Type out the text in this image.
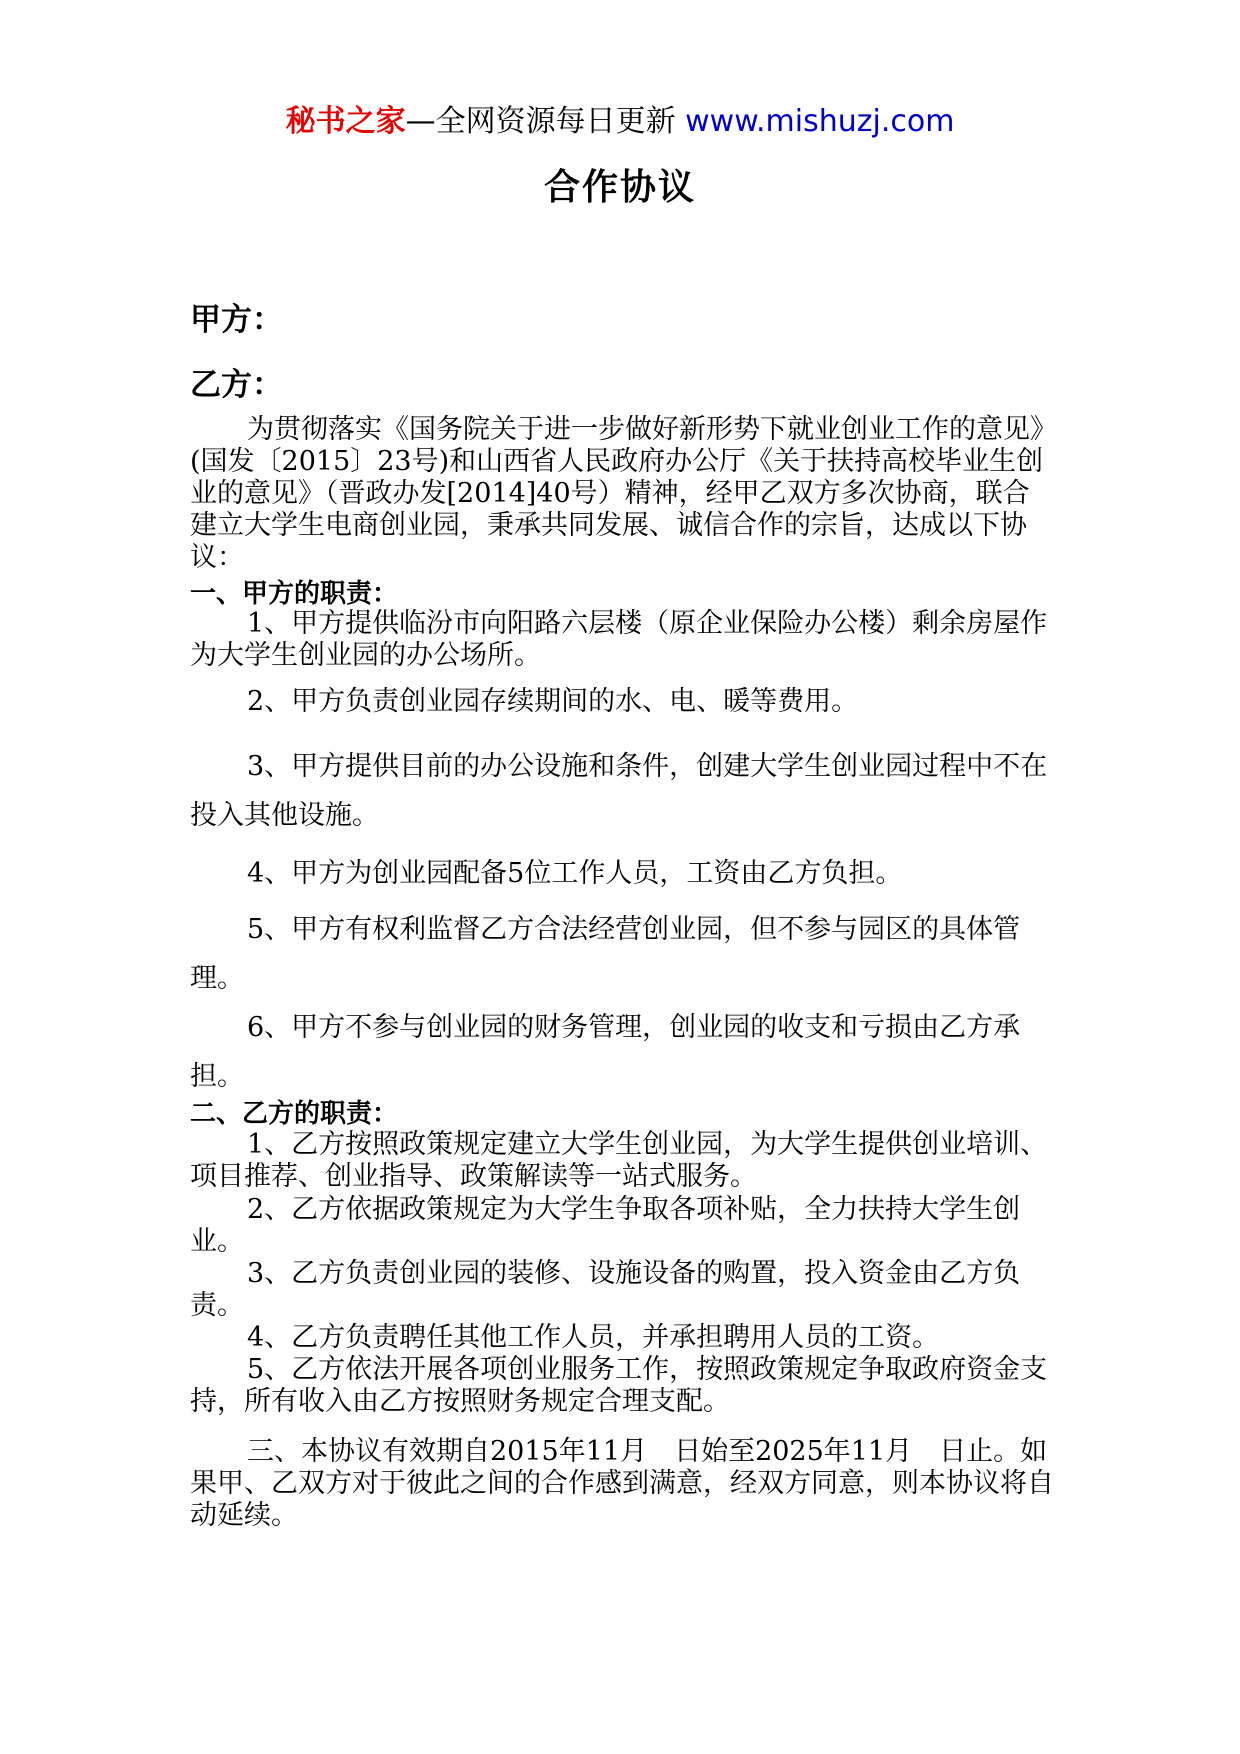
秘书之家—全网资源每日更新 www.mishuzj.com
合作协议
甲方：
乙方：

为贯彻落实《国务院关于进一步做好新形势下就业创业工作的意见》(国发〔2015〕23号)和山西省人民政府办公厅《关于扶持高校毕业生创业的意见》（晋政办发[2014]40号）精神，经甲乙双方多次协商，联合建立大学生电商创业园，秉承共同发展、诚信合作的宗旨，达成以下协议：

一、甲方的职责：

1、甲方提供临汾市向阳路六层楼（原企业保险办公楼）剩余房屋作为大学生创业园的办公场所。

2、甲方负责创业园存续期间的水、电、暖等费用。

3、甲方提供目前的办公设施和条件，创建大学生创业园过程中不在投入其他设施。

4、甲方为创业园配备5位工作人员，工资由乙方负担。

5、甲方有权利监督乙方合法经营创业园，但不参与园区的具体管理。

6、甲方不参与创业园的财务管理，创业园的收支和亏损由乙方承担。

二、乙方的职责：

1、乙方按照政策规定建立大学生创业园，为大学生提供创业培训、项目推荐、创业指导、政策解读等一站式服务。

2、乙方依据政策规定为大学生争取各项补贴，全力扶持大学生创业。

3、乙方负责创业园的装修、设施设备的购置，投入资金由乙方负责。

4、乙方负责聘任其他工作人员，并承担聘用人员的工资。

5、乙方依法开展各项创业服务工作，按照政策规定争取政府资金支持，所有收入由乙方按照财务规定合理支配。

三、本协议有效期自2015年11月　日始至2025年11月　日止。如果甲、乙双方对于彼此之间的合作感到满意，经双方同意，则本协议将自动延续。
